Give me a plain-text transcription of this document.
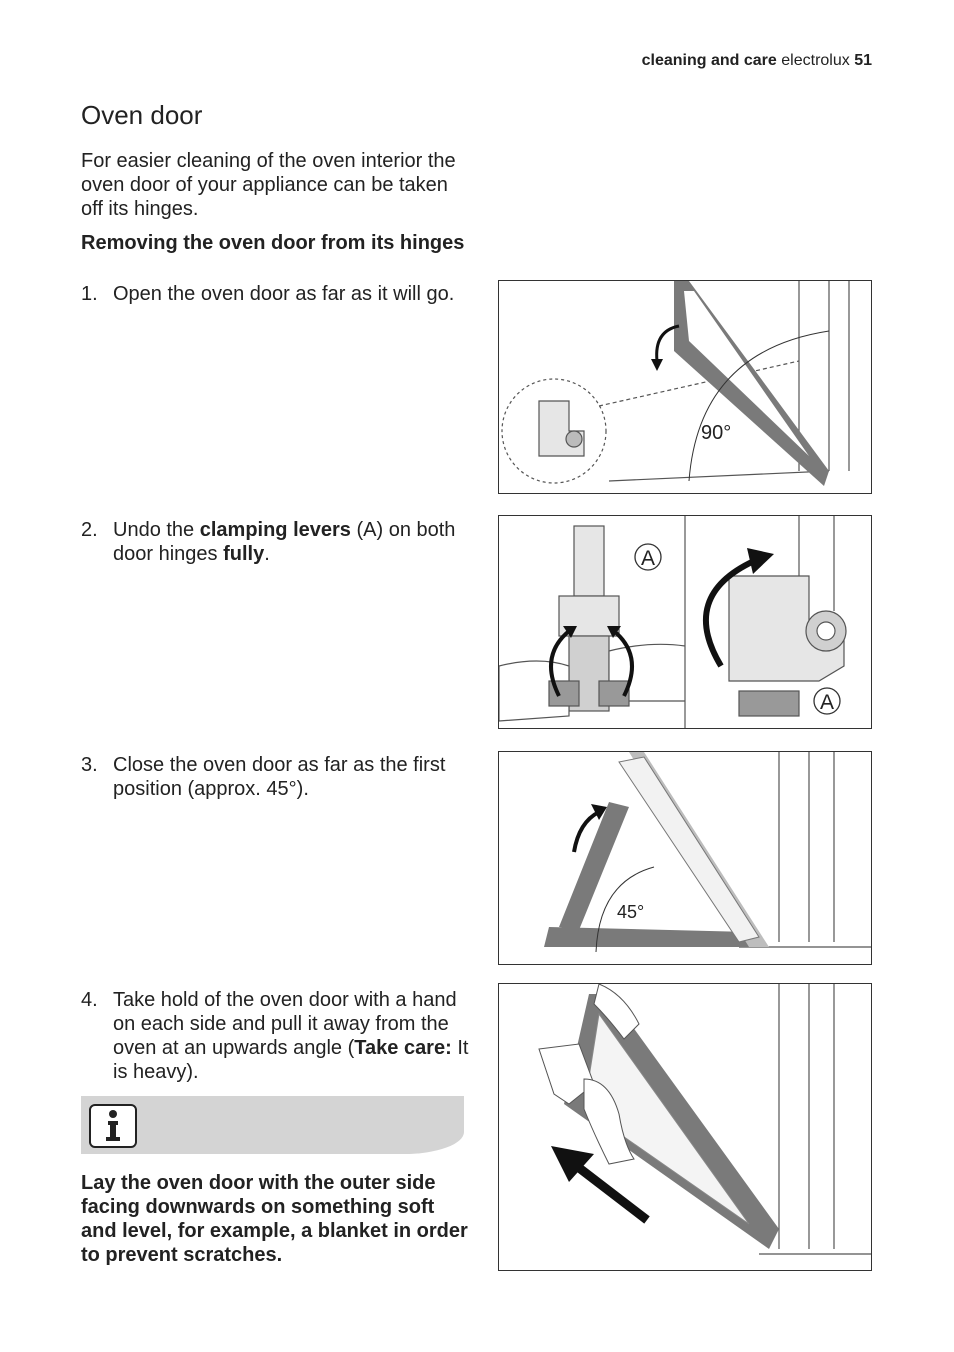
cleaning and care electrolux 51
Oven door

For easier cleaning of the oven interior the oven door of your appliance can be taken off its hinges.

Removing the oven door from its hinges

1. Open the oven door as far as it will go.
2. Undo the clamping levers (A) on both door hinges fully.
3. Close the oven door as far as the first position (approx. 45°).
4. Take hold of the oven door with a hand on each side and pull it away from the oven at an upwards angle (Take care: It is heavy).
90°
A
A
45°

Lay the oven door with the outer side facing downwards on something soft and level, for example, a blanket in order to prevent scratches.
